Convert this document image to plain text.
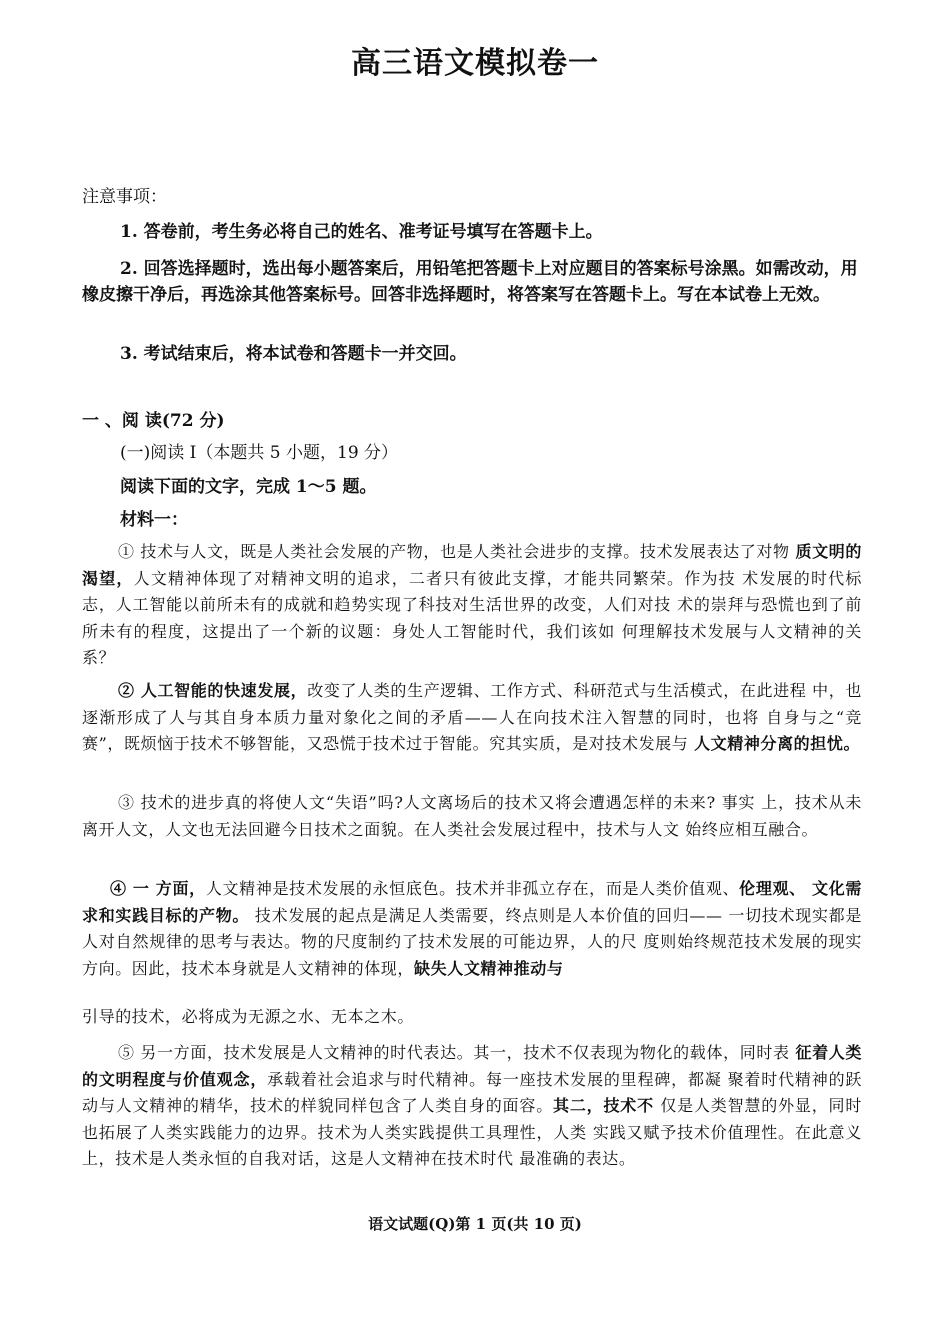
高三语文模拟卷一
注意事项：
1. 答卷前，考生务必将自己的姓名、准考证号填写在答题卡上。
2. 回答选择题时，选出每小题答案后，用铅笔把答题卡上对应题目的答案标号涂黑。如需改动，用橡皮擦干净后，再选涂其他答案标号。回答非选择题时，将答案写在答题卡上。写在本试卷上无效。
3. 考试结束后，将本试卷和答题卡一并交回。
一 、阅 读(72 分)
(一)阅读 I（本题共 5 小题，19 分）
阅读下面的文字，完成 1～5 题。
材料一：
① 技术与人文，既是人类社会发展的产物，也是人类社会进步的支撑。技术发展表达了对物 质文明的渴望，人文精神体现了对精神文明的追求，二者只有彼此支撑，才能共同繁荣。作为技 术发展的时代标志，人工智能以前所未有的成就和趋势实现了科技对生活世界的改变，人们对技 术的崇拜与恐慌也到了前所未有的程度，这提出了一个新的议题：身处人工智能时代，我们该如 何理解技术发展与人文精神的关系？
② 人工智能的快速发展，改变了人类的生产逻辑、工作方式、科研范式与生活模式，在此进程 中，也逐渐形成了人与其自身本质力量对象化之间的矛盾——人在向技术注入智慧的同时，也将 自身与之“竞赛”，既烦恼于技术不够智能，又恐慌于技术过于智能。究其实质，是对技术发展与 人文精神分离的担忧。
③ 技术的进步真的将使人文“失语”吗?人文离场后的技术又将会遭遇怎样的未来? 事实 上，技术从未离开人文，人文也无法回避今日技术之面貌。在人类社会发展过程中，技术与人文 始终应相互融合。
④ 一 方面，人文精神是技术发展的永恒底色。技术并非孤立存在，而是人类价值观、伦理观、 文化需求和实践目标的产物。 技术发展的起点是满足人类需要，终点则是人本价值的回归—— 一切技术现实都是人对自然规律的思考与表达。物的尺度制约了技术发展的可能边界，人的尺 度则始终规范技术发展的现实方向。因此，技术本身就是人文精神的体现，缺失人文精神推动与
引导的技术，必将成为无源之水、无本之木。
⑤ 另一方面，技术发展是人文精神的时代表达。其一，技术不仅表现为物化的载体，同时表 征着人类的文明程度与价值观念，承载着社会追求与时代精神。每一座技术发展的里程碑，都凝 聚着时代精神的跃动与人文精神的精华，技术的样貌同样包含了人类自身的面容。其二，技术不 仅是人类智慧的外显，同时也拓展了人类实践能力的边界。技术为人类实践提供工具理性，人类 实践又赋予技术价值理性。在此意义上，技术是人类永恒的自我对话，这是人文精神在技术时代 最准确的表达。
语文试题(Q)第 1 页(共 10 页)
